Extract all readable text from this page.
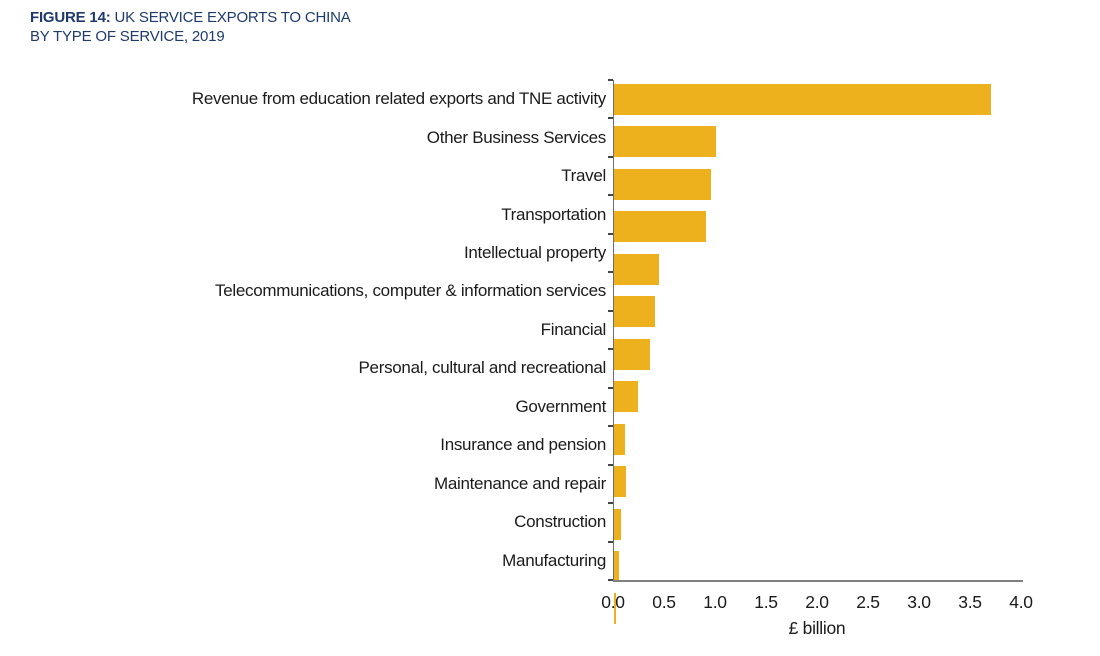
FIGURE 14: UK SERVICE EXPORTS TO CHINA
BY TYPE OF SERVICE, 2019
Revenue from education related exports and TNE activity
Other Business Services
Travel
Transportation
Intellectual property
Telecommunications, computer & information services
Financial
Personal, cultural and recreational
Government
Insurance and pension
Maintenance and repair
Construction
Manufacturing
0.0 0.5 1.0 1.5 2.0 2.5 3.0 3.5 4.0
£ billion
